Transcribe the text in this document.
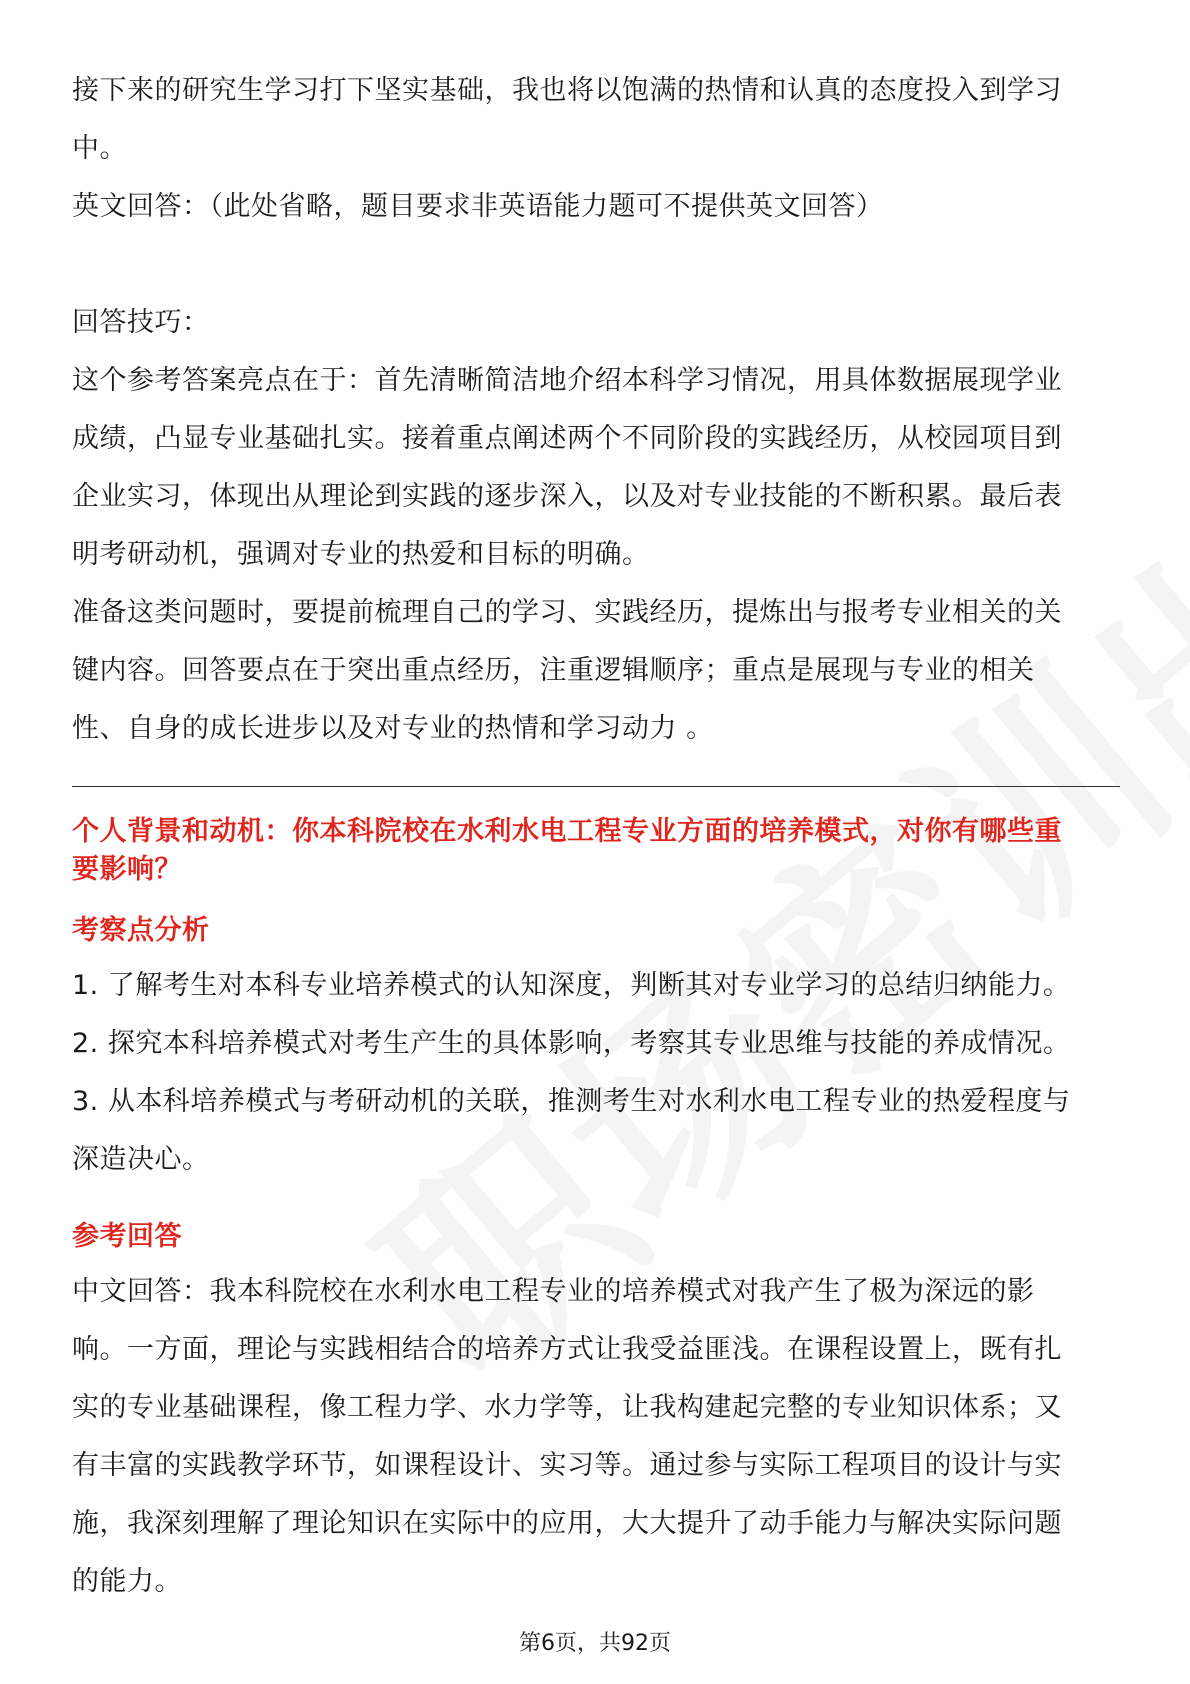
接下来的研究生学习打下坚实基础，我也将以饱满的热情和认真的态度投入到学习

中。

英文回答：（此处省略，题目要求非英语能力题可不提供英文回答）

回答技巧：

这个参考答案亮点在于：首先清晰简洁地介绍本科学习情况，用具体数据展现学业

成绩，凸显专业基础扎实。接着重点阐述两个不同阶段的实践经历，从校园项目到

企业实习，体现出从理论到实践的逐步深入，以及对专业技能的不断积累。最后表

明考研动机，强调对专业的热爱和目标的明确。

准备这类问题时，要提前梳理自己的学习、实践经历，提炼出与报考专业相关的关

键内容。回答要点在于突出重点经历，注重逻辑顺序；重点是展现与专业的相关

性、自身的成长进步以及对专业的热情和学习动力 。

个人背景和动机：你本科院校在水利水电工程专业方面的培养模式，对你有哪些重

要影响？

考察点分析

1. 了解考生对本科专业培养模式的认知深度，判断其对专业学习的总结归纳能力。

2. 探究本科培养模式对考生产生的具体影响，考察其专业思维与技能的养成情况。

3. 从本科培养模式与考研动机的关联，推测考生对水利水电工程专业的热爱程度与

深造决心。

参考回答

中文回答：我本科院校在水利水电工程专业的培养模式对我产生了极为深远的影

响。一方面，理论与实践相结合的培养方式让我受益匪浅。在课程设置上，既有扎

实的专业基础课程，像工程力学、水力学等，让我构建起完整的专业知识体系；又

有丰富的实践教学环节，如课程设计、实习等。通过参与实际工程项目的设计与实

施，我深刻理解了理论知识在实际中的应用，大大提升了动手能力与解决实际问题

的能力。

第6页，共92页
